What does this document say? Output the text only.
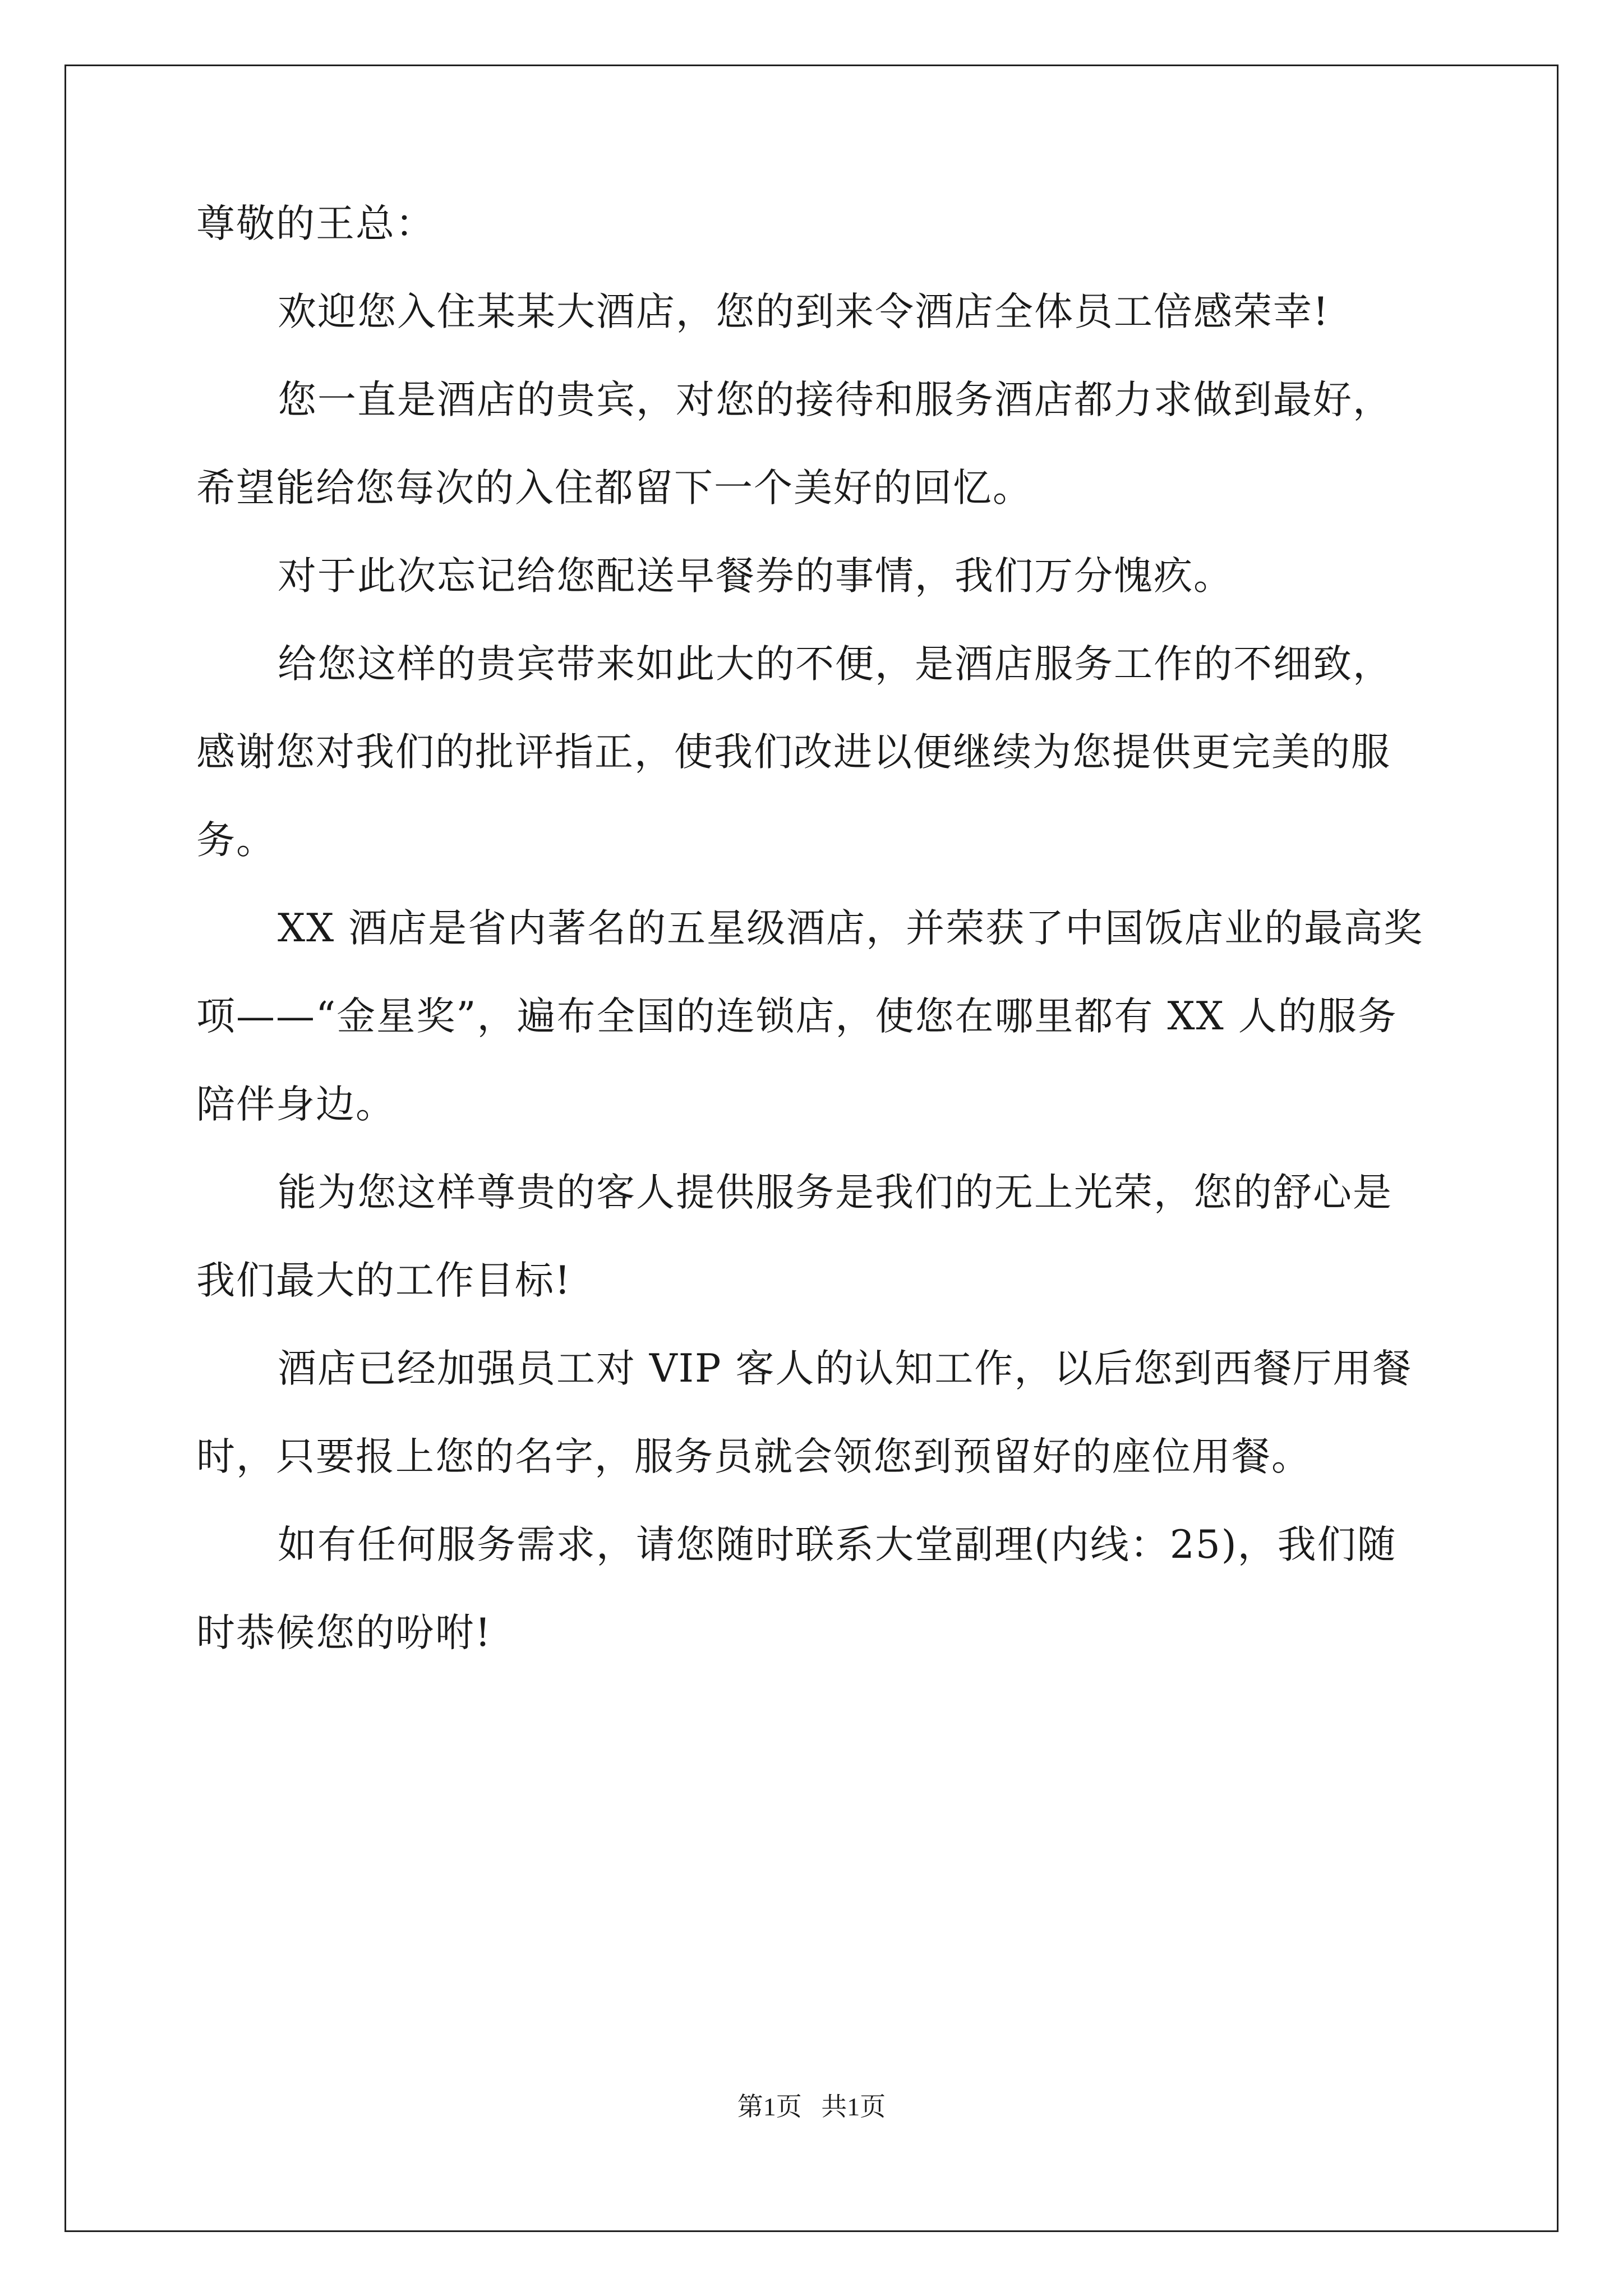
尊敬的王总：
欢迎您入住某某大酒店，您的到来令酒店全体员工倍感荣幸!
您一直是酒店的贵宾，对您的接待和服务酒店都力求做到最好，
希望能给您每次的入住都留下一个美好的回忆。
对于此次忘记给您配送早餐券的事情，我们万分愧疚。
给您这样的贵宾带来如此大的不便，是酒店服务工作的不细致，
感谢您对我们的批评指正，使我们改进以便继续为您提供更完美的服
务。
XX 酒店是省内著名的五星级酒店，并荣获了中国饭店业的最高奖
项——“金星奖”，遍布全国的连锁店，使您在哪里都有 XX 人的服务
陪伴身边。
能为您这样尊贵的客人提供服务是我们的无上光荣，您的舒心是
我们最大的工作目标!
酒店已经加强员工对 VIP 客人的认知工作，以后您到西餐厅用餐
时，只要报上您的名字，服务员就会领您到预留好的座位用餐。
如有任何服务需求，请您随时联系大堂副理(内线：25)，我们随
时恭候您的吩咐!
第1页   共1页
